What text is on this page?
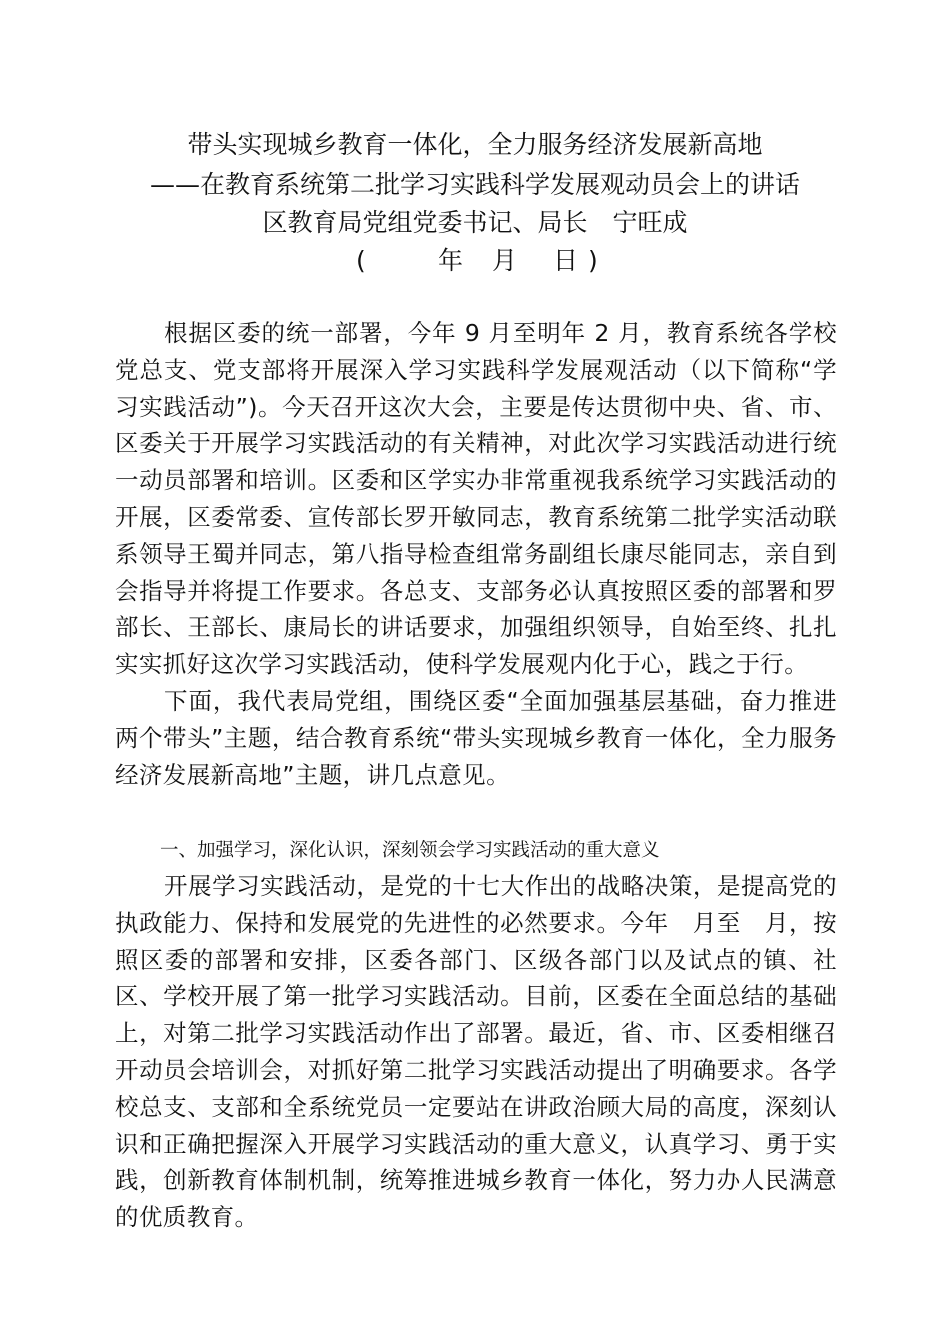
带头实现城乡教育一体化，全力服务经济发展新高地
——在教育系统第二批学习实践科学发展观动员会上的讲话
区教育局党组党委书记、局长　宁旺成
(	年 月 日 )

根据区委的统一部署，今年 9 月至明年 2 月，教育系统各学校党总支、党支部将开展深入学习实践科学发展观活动（以下简称“学习实践活动”)。今天召开这次大会，主要是传达贯彻中央、省、市、区委关于开展学习实践活动的有关精神，对此次学习实践活动进行统一动员部署和培训。区委和区学实办非常重视我系统学习实践活动的开展，区委常委、宣传部长罗开敏同志，教育系统第二批学实活动联系领导王蜀并同志，第八指导检查组常务副组长康尽能同志，亲自到会指导并将提工作要求。各总支、支部务必认真按照区委的部署和罗部长、王部长、康局长的讲话要求，加强组织领导，自始至终、扎扎实实抓好这次学习实践活动，使科学发展观内化于心，践之于行。

下面，我代表局党组，围绕区委“全面加强基层基础，奋力推进两个带头”主题，结合教育系统“带头实现城乡教育一体化，全力服务经济发展新高地”主题，讲几点意见。

一、加强学习，深化认识，深刻领会学习实践活动的重大意义

开展学习实践活动，是党的十七大作出的战略决策，是提高党的执政能力、保持和发展党的先进性的必然要求。今年　月至　月，按照区委的部署和安排，区委各部门、区级各部门以及试点的镇、社区、学校开展了第一批学习实践活动。目前，区委在全面总结的基础上，对第二批学习实践活动作出了部署。最近，省、市、区委相继召开动员会培训会，对抓好第二批学习实践活动提出了明确要求。各学校总支、支部和全系统党员一定要站在讲政治顾大局的高度，深刻认识和正确把握深入开展学习实践活动的重大意义，认真学习、勇于实践，创新教育体制机制，统筹推进城乡教育一体化，努力办人民满意的优质教育。
